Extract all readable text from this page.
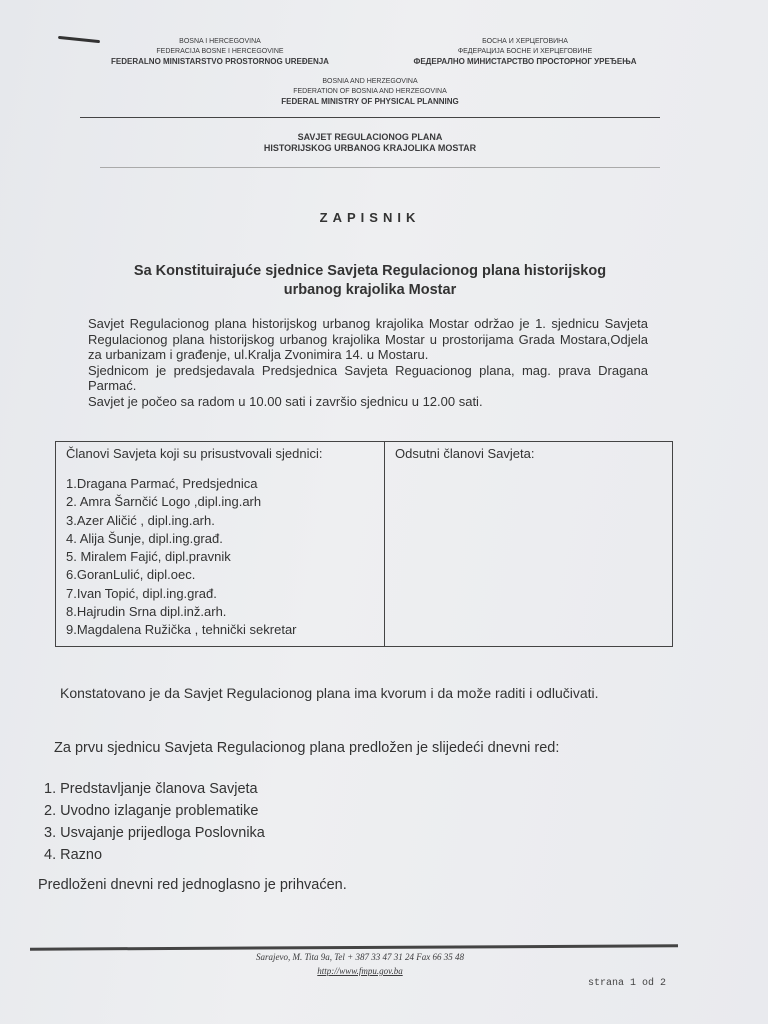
BOSNA I HERCEGOVINA
FEDERACIJA BOSNE I HERCEGOVINE
FEDERALNO MINISTARSTVO PROSTORNOG UREĐENJA
БОСНА И ХЕРЦЕГОВИНА
ФЕДЕРАЦИЈА БОСНЕ И ХЕРЦЕГОВИНЕ
ФЕДЕРАЛНО МИНИСТАРСТВО ПРОСТОРНОГ УРЕЂЕЊА
BOSNIA AND HERZEGOVINA
FEDERATION OF BOSNIA AND HERZEGOVINA
FEDERAL MINISTRY OF PHYSICAL PLANNING
SAVJET REGULACIONOG PLANA
HISTORIJSKOG URBANOG KRAJOLIKA MOSTAR
ZAPISNIK
Sa Konstituirajuće sjednice Savjeta Regulacionog plana historijskog
urbanog krajolika Mostar

Savjet Regulacionog plana historijskog urbanog krajolika Mostar održao je 1. sjednicu Savjeta Regulacionog plana historijskog urbanog krajolika Mostar u prostorijama Grada Mostara,Odjela za urbanizam i građenje, ul.Kralja Zvonimira 14. u Mostaru.

Sjednicom je predsjedavala Predsjednica Savjeta Reguacionog plana, mag. prava Dragana Parmać.

Savjet je počeo sa radom u 10.00 sati i završio sjednicu u 12.00 sati.

Članovi Savjeta koji su prisustvovali sjednici:
1.Dragana Parmać, Predsjednica
2. Amra Šarnčić Logo ,dipl.ing.arh
3.Azer Aličić , dipl.ing.arh.
4. Alija Šunje, dipl.ing.građ.
5. Miralem Fajić, dipl.pravnik
6.GoranLulić, dipl.oec.
7.Ivan Topić, dipl.ing.građ.
8.Hajrudin Srna dipl.inž.arh.
9.Magdalena Ružička , tehnički sekretar

Odsutni članovi Savjeta:
Konstatovano je da Savjet Regulacionog plana ima kvorum i da može raditi i odlučivati.
Za prvu sjednicu Savjeta Regulacionog plana predložen je slijedeći dnevni red:
1. Predstavljanje članova Savjeta
2. Uvodno izlaganje problematike
3. Usvajanje prijedloga Poslovnika
4. Razno
Predloženi dnevni red jednoglasno je prihvaćen.
Sarajevo, M. Tita 9a, Tel + 387 33 47 31 24 Fax 66 35 48
http://www.fmpu.gov.ba
strana 1 od 2
